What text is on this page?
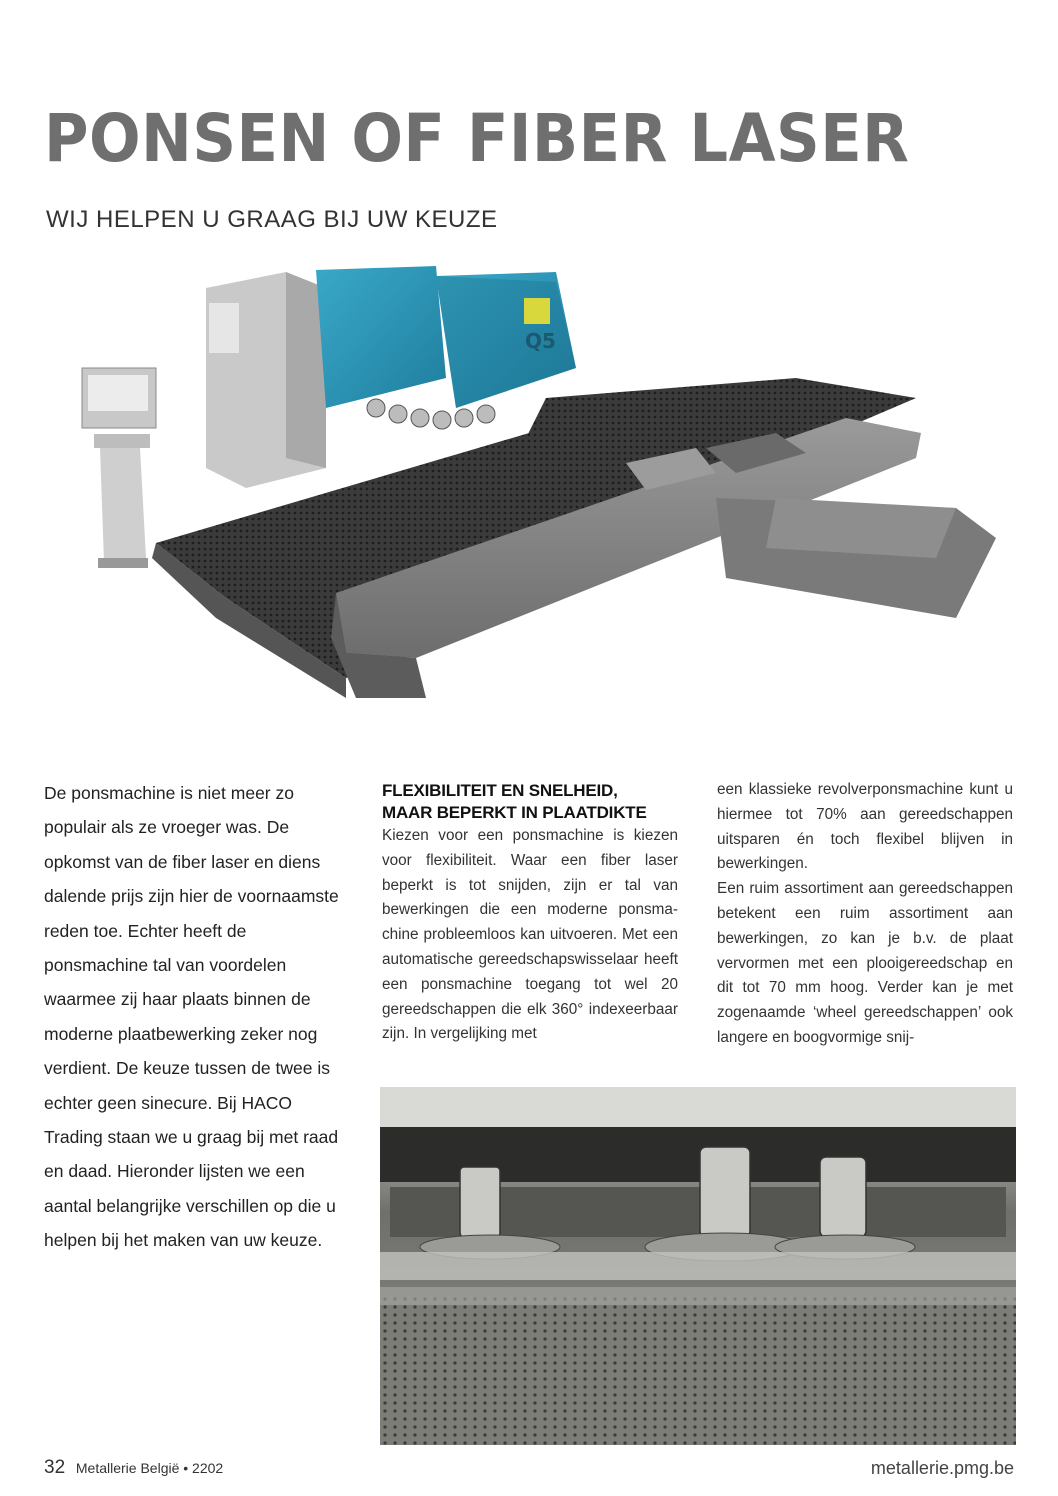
PONSEN OF FIBER LASER
WIJ HELPEN U GRAAG BIJ UW KEUZE
Q5
De ponsmachine is niet meer zo populair als ze vroeger was. De opkomst van de fiber laser en diens dalende prijs zijn hier de voornaamste reden toe. Echter heeft de ponsmachine tal van voordelen waarmee zij haar plaats binnen de moderne plaatbewerking zeker nog verdient. De keuze tussen de twee is echter geen sinecure. Bij HACO Trading staan we u graag bij met raad en daad. Hieronder lijsten we een aantal belangrijke verschillen op die u helpen bij het maken van uw keuze.
FLEXIBILITEIT EN SNELHEID,
MAAR BEPERKT IN PLAATDIKTE

Kiezen voor een ponsmachine is kiezen voor flexibiliteit. Waar een fiber laser beperkt is tot snijden, zijn er tal van bewerkingen die een moderne ponsmachine probleemloos kan uitvoeren. Met een automatische gereedschapswisselaar heeft een ponsmachine toegang tot wel 20 gereedschappen die elk 360° indexeerbaar zijn. In vergelijking met

een klassieke revolverponsmachine kunt u hiermee tot 70% aan gereedschappen uitsparen én toch flexibel blijven in bewerkingen.

Een ruim assortiment aan gereedschappen betekent een ruim assortiment aan bewerkingen, zo kan je b.v. de plaat vervormen met een plooigereedschap en dit tot 70 mm hoog. Verder kan je met zogenaamde ‘wheel gereedschappen’ ook langere en boogvormige snij-

32 Metallerie België • 2202	metallerie.pmg.be
